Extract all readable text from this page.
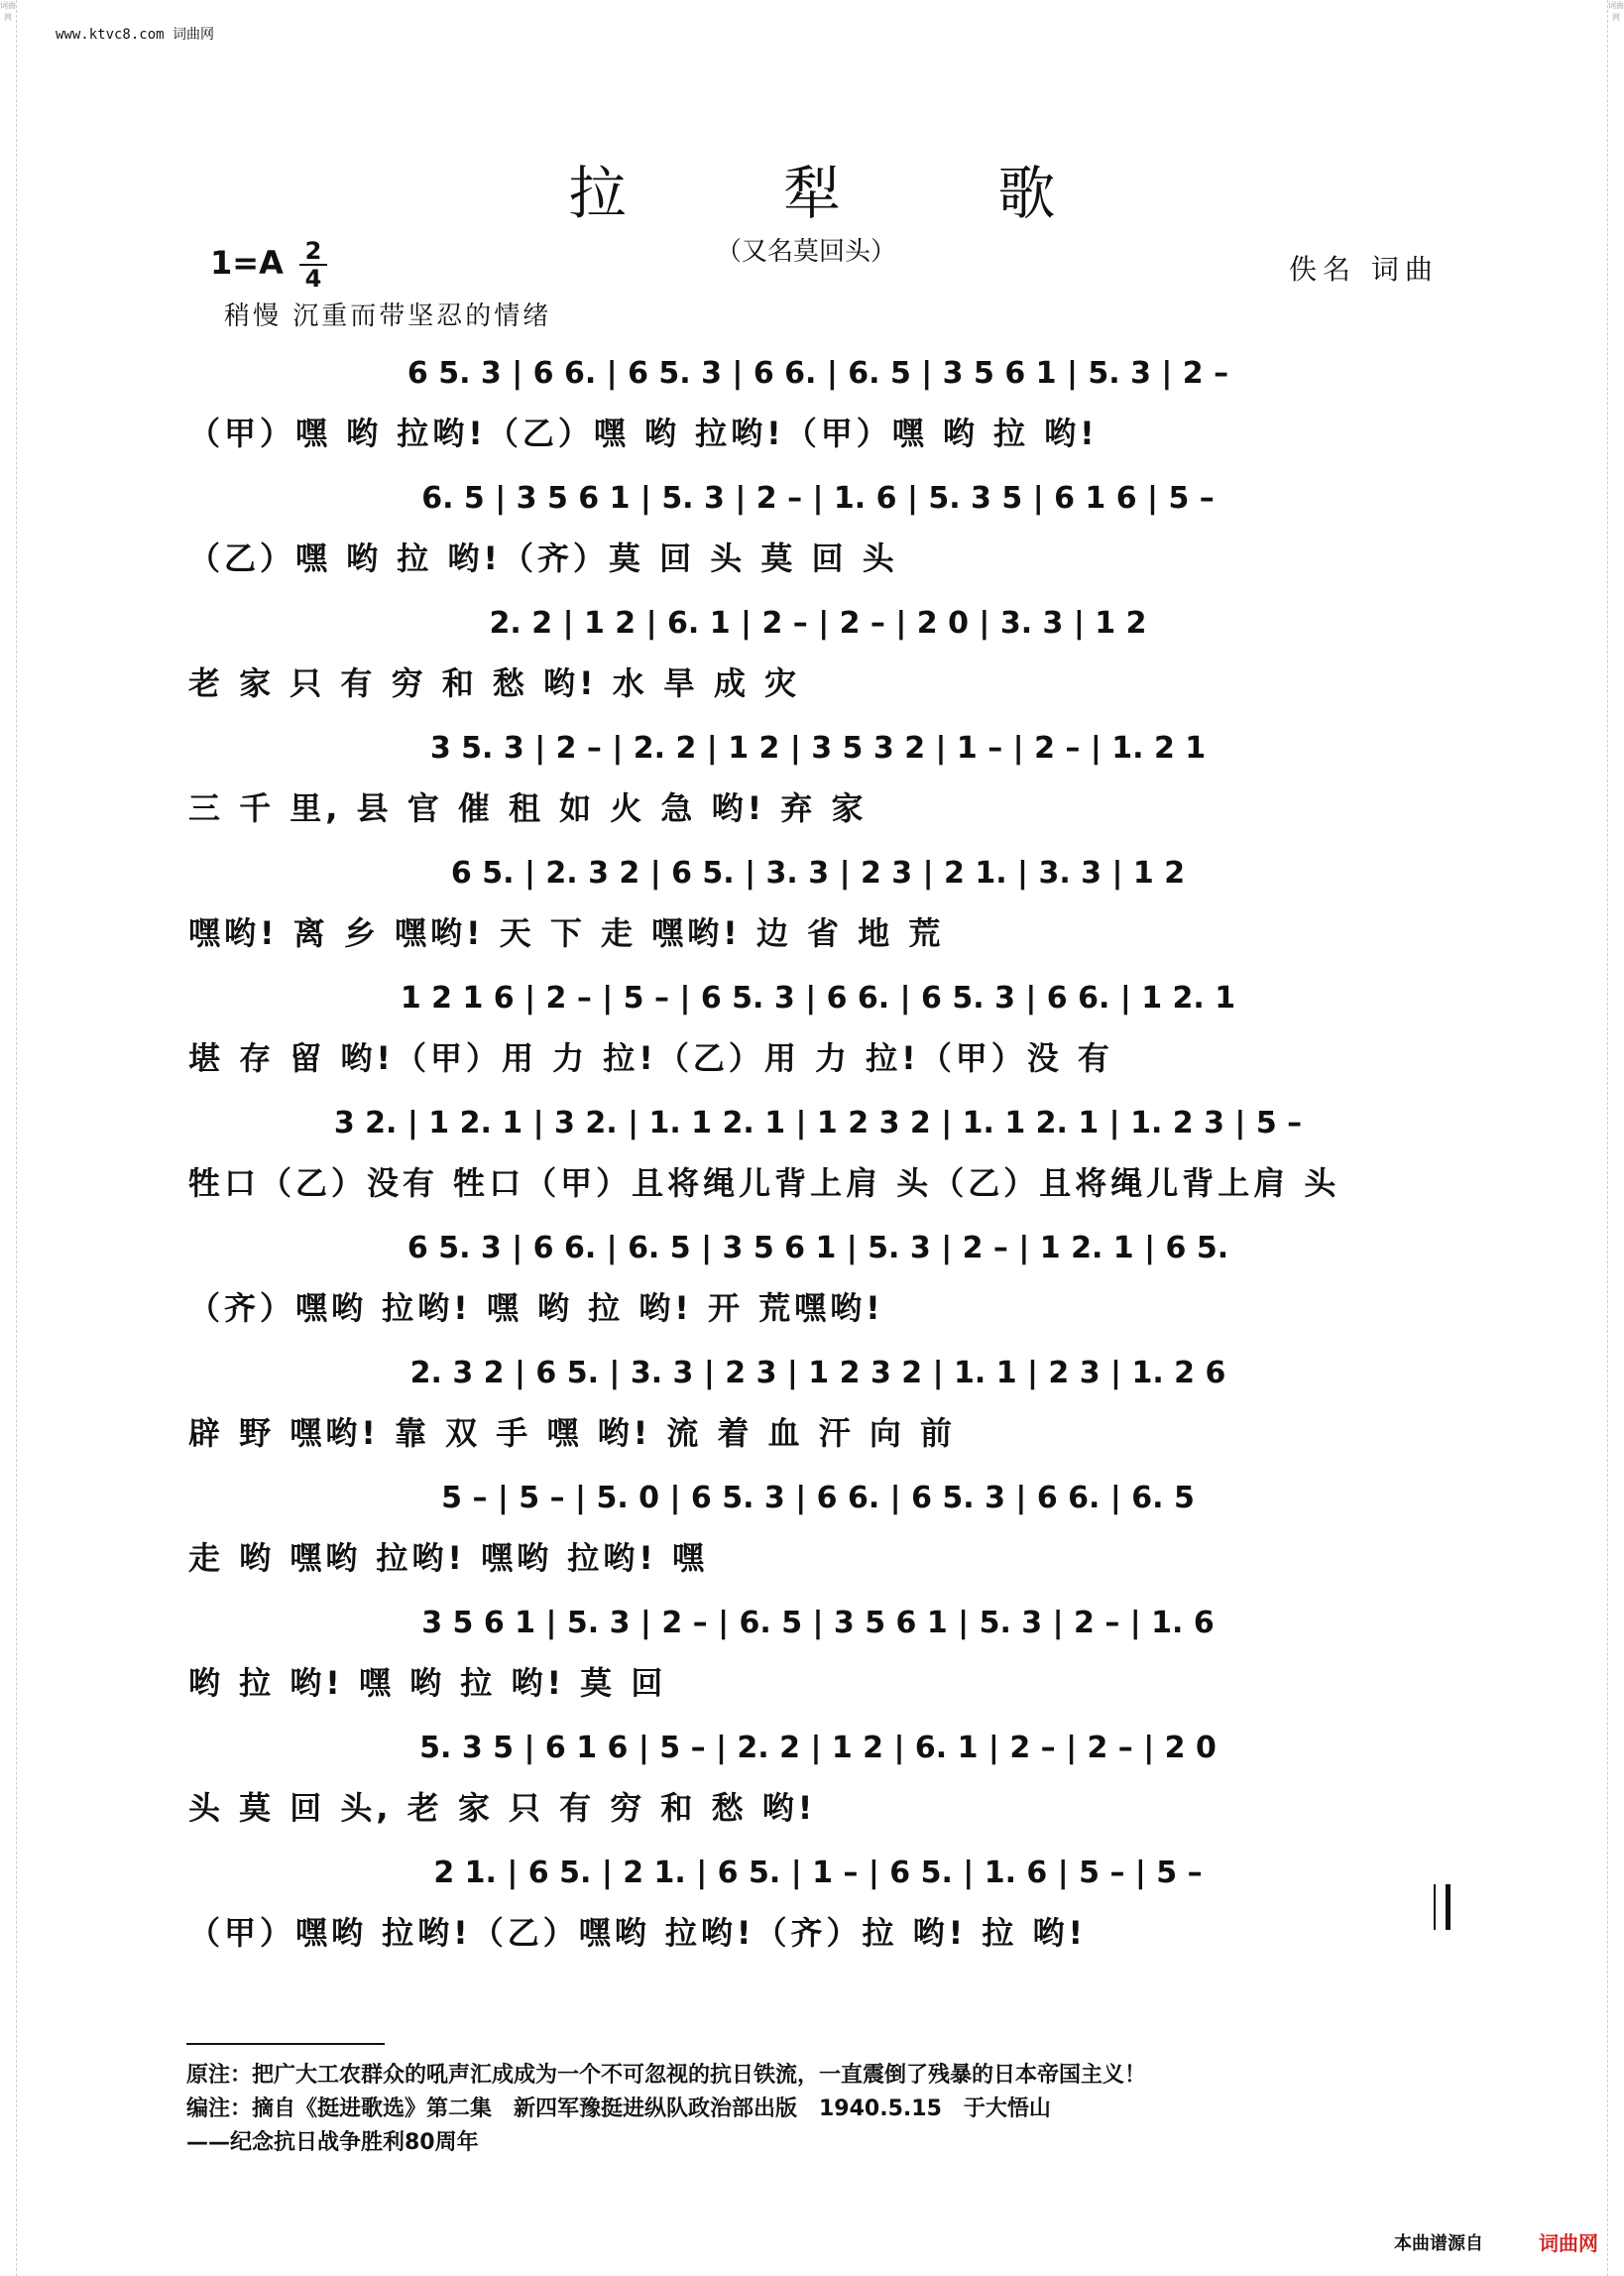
词曲网
词曲网
www.ktvc8.com 词曲网
拉 犁 歌
（又名莫回头）
佚名 词曲
1=A 2
4
稍慢 沉重而带坚忍的情绪
6 5. 3 | 6 6. | 6 5. 3 | 6 6. | 6. 5 | 3 5 6 1 | 5. 3 | 2 –
（甲）嘿 哟 拉哟!（乙）嘿 哟 拉哟!（甲）嘿 哟 拉 哟!
6. 5 | 3 5 6 1 | 5. 3 | 2 – | 1. 6 | 5. 3 5 | 6 1 6 | 5 –
（乙）嘿 哟 拉 哟!（齐）莫 回 头 莫 回 头
2. 2 | 1 2 | 6. 1 | 2 – | 2 – | 2 0 | 3. 3 | 1 2
老 家 只 有 穷 和 愁 哟! 水 旱 成 灾
3 5. 3 | 2 – | 2. 2 | 1 2 | 3 5 3 2 | 1 – | 2 – | 1. 2 1
三 千 里, 县 官 催 租 如 火 急 哟! 弃 家
6 5. | 2. 3 2 | 6 5. | 3. 3 | 2 3 | 2 1. | 3. 3 | 1 2
嘿哟! 离 乡 嘿哟! 天 下 走 嘿哟! 边 省 地 荒
1 2 1 6 | 2 – | 5 – | 6 5. 3 | 6 6. | 6 5. 3 | 6 6. | 1 2. 1
堪 存 留 哟!（甲）用 力 拉!（乙）用 力 拉!（甲）没 有
3 2. | 1 2. 1 | 3 2. | 1. 1 2. 1 | 1 2 3 2 | 1. 1 2. 1 | 1. 2 3 | 5 –
牲口（乙）没有 牲口（甲）且将绳儿背上肩 头（乙）且将绳儿背上肩 头
6 5. 3 | 6 6. | 6. 5 | 3 5 6 1 | 5. 3 | 2 – | 1 2. 1 | 6 5.
（齐）嘿哟 拉哟! 嘿 哟 拉 哟! 开 荒嘿哟!
2. 3 2 | 6 5. | 3. 3 | 2 3 | 1 2 3 2 | 1. 1 | 2 3 | 1. 2 6
辟 野 嘿哟! 靠 双 手 嘿 哟! 流 着 血 汗 向 前
5 – | 5 – | 5. 0 | 6 5. 3 | 6 6. | 6 5. 3 | 6 6. | 6. 5
走 哟 嘿哟 拉哟! 嘿哟 拉哟! 嘿
3 5 6 1 | 5. 3 | 2 – | 6. 5 | 3 5 6 1 | 5. 3 | 2 – | 1. 6
哟 拉 哟! 嘿 哟 拉 哟! 莫 回
5. 3 5 | 6 1 6 | 5 – | 2. 2 | 1 2 | 6. 1 | 2 – | 2 – | 2 0
头 莫 回 头, 老 家 只 有 穷 和 愁 哟!
2 1. | 6 5. | 2 1. | 6 5. | 1 – | 6 5. | 1. 6 | 5 – | 5 –
（甲）嘿哟 拉哟!（乙）嘿哟 拉哟!（齐）拉 哟! 拉 哟!
原注：把广大工农群众的吼声汇成成为一个不可忽视的抗日铁流，一直震倒了残暴的日本帝国主义！
编注：摘自《挺进歌选》第二集　新四军豫挺进纵队政治部出版　1940.5.15　于大悟山
——纪念抗日战争胜利80周年
本曲谱源自	词曲网
